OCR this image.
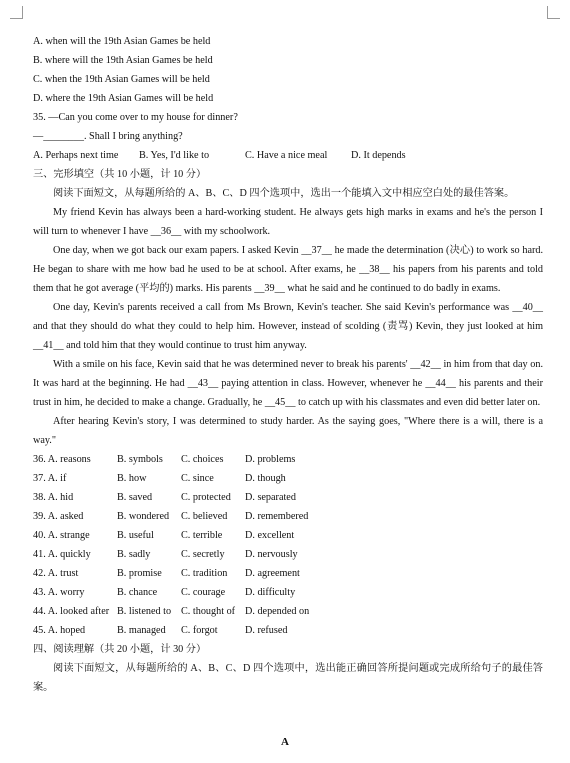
A. when will the 19th Asian Games be held
B. where will the 19th Asian Games be held
C. when the 19th Asian Games will be held
D. where the 19th Asian Games will be held
35. —Can you come over to my house for dinner?
—________. Shall I bring anything?
A. Perhaps next time	B. Yes, I'd like to	C. Have a nice meal	D. It depends
三、完形填空（共 10 小题，计 10 分）
阅读下面短文，从每题所给的 A、B、C、D 四个选项中，选出一个能填入文中相应空白处的最佳答案。
My friend Kevin has always been a hard-working student. He always gets high marks in exams and he's the person I will turn to whenever I have __36__ with my schoolwork.
One day, when we got back our exam papers. I asked Kevin __37__ he made the determination (决心) to work so hard. He began to share with me how bad he used to be at school. After exams, he __38__ his papers from his parents and told them that he got average (平均的) marks. His parents __39__ what he said and he continued to do badly in exams.
One day, Kevin's parents received a call from Ms Brown, Kevin's teacher. She said Kevin's performance was __40__ and that they should do what they could to help him. However, instead of scolding (责骂) Kevin, they just looked at him __41__ and told him that they would continue to trust him anyway.
With a smile on his face, Kevin said that he was determined never to break his parents' __42__ in him from that day on. It was hard at the beginning. He had __43__ paying attention in class. However, whenever he __44__ his parents and their trust in him, he decided to make a change. Gradually, he __45__ to catch up with his classmates and even did better later on.
After hearing Kevin's story, I was determined to study harder. As the saying goes, "Where there is a will, there is a way."
36. A. reasons	B. symbols	C. choices	D. problems
37. A. if	B. how	C. since	D. though
38. A. hid	B. saved	C. protected	D. separated
39. A. asked	B. wondered	C. believed	D. remembered
40. A. strange	B. useful	C. terrible	D. excellent
41. A. quickly	B. sadly	C. secretly	D. nervously
42. A. trust	B. promise	C. tradition	D. agreement
43. A. worry	B. chance	C. courage	D. difficulty
44. A. looked after B. listened to C. thought of D. depended on
45. A. hoped	B. managed	C. forgot	D. refused
四、阅读理解（共 20 小题，计 30 分）
阅读下面短文，从每题所给的 A、B、C、D 四个选项中，选出能正确回答所提问题或完成所给句子的最佳答案。
A
